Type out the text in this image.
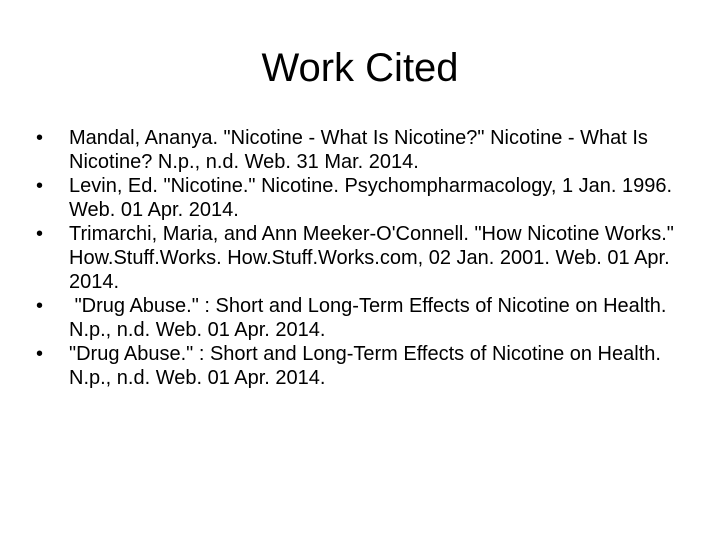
Work Cited
•	Mandal, Ananya. "Nicotine - What Is Nicotine?" Nicotine - What Is Nicotine? N.p., n.d. Web. 31 Mar. 2014.
•	Levin, Ed. "Nicotine." Nicotine. Psychompharmacology, 1 Jan. 1996. Web. 01 Apr. 2014.
•	Trimarchi, Maria, and Ann Meeker-O'Connell. "How Nicotine Works." How.Stuff.Works. How.Stuff.Works.com, 02 Jan. 2001. Web. 01 Apr. 2014.
•	"Drug Abuse." : Short and Long-Term Effects of Nicotine on Health. N.p., n.d. Web. 01 Apr. 2014.
•	"Drug Abuse." : Short and Long-Term Effects of Nicotine on Health. N.p., n.d. Web. 01 Apr. 2014.
